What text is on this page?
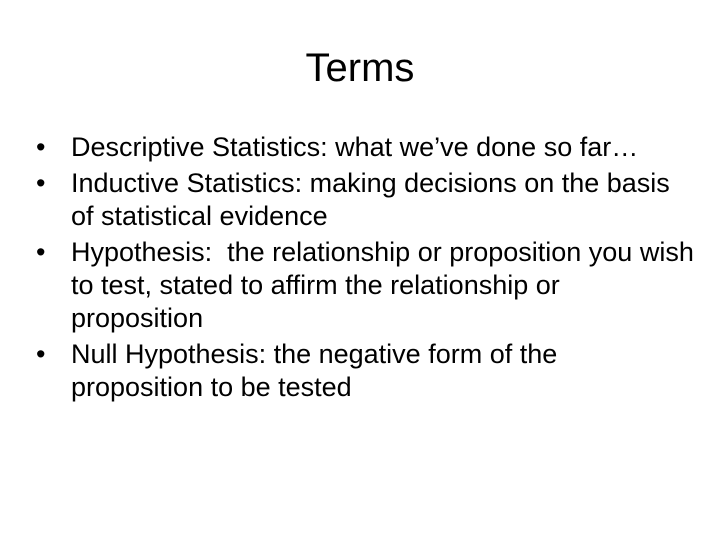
Terms
• Descriptive Statistics: what we’ve done so far…
• Inductive Statistics: making decisions on the basis of statistical evidence
• Hypothesis:  the relationship or proposition you wish to test, stated to affirm the relationship or proposition
• Null Hypothesis: the negative form of the proposition to be tested
